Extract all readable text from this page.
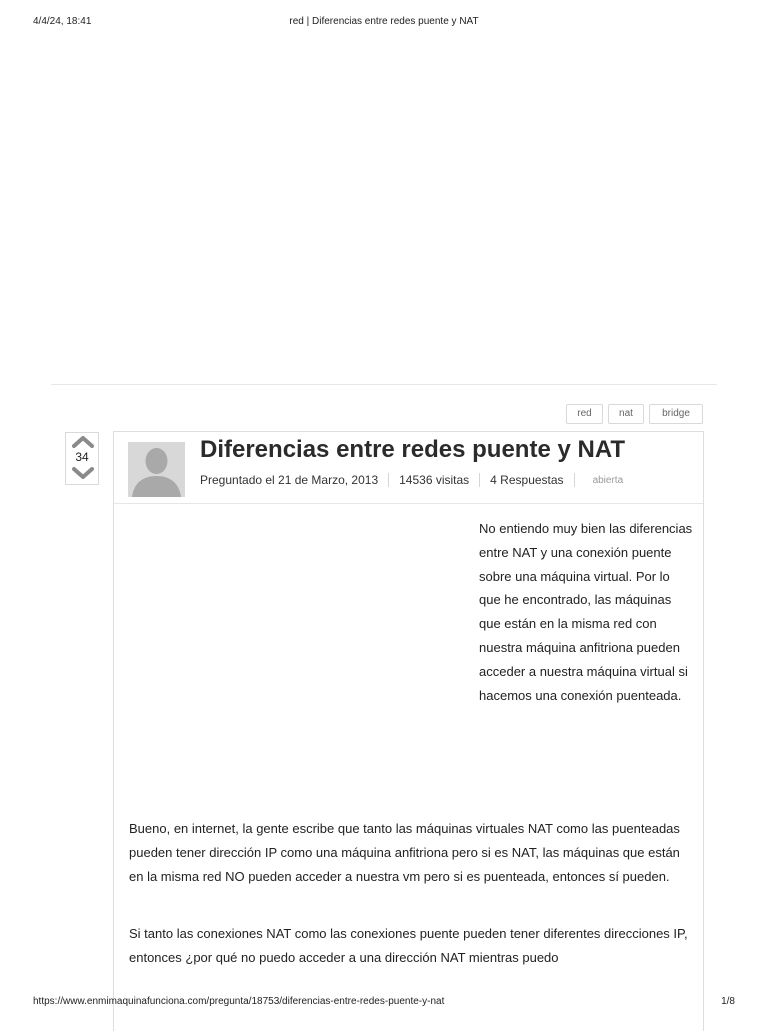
4/4/24, 18:41	red | Diferencias entre redes puente y NAT
red	nat	bridge
34	Diferencias entre redes puente y NAT
Preguntado el 21 de Marzo, 2013 14536 visitas 4 Respuestas	abierta

No entiendo muy bien las diferencias entre NAT y una conexión puente sobre una máquina virtual. Por lo que he encontrado, las máquinas que están en la misma red con nuestra máquina anfitriona pueden acceder a nuestra máquina virtual si hacemos una conexión puenteada.

Bueno, en internet, la gente escribe que tanto las máquinas virtuales NAT como las puenteadas pueden tener dirección IP como una máquina anfitriona pero si es NAT, las máquinas que están en la misma red NO pueden acceder a nuestra vm pero si es puenteada, entonces sí pueden.

Si tanto las conexiones NAT como las conexiones puente pueden tener diferentes direcciones IP, entonces ¿por qué no puedo acceder a una dirección NAT mientras puedo

https://www.enmimaquinafunciona.com/pregunta/18753/diferencias-entre-redes-puente-y-nat	1/8
